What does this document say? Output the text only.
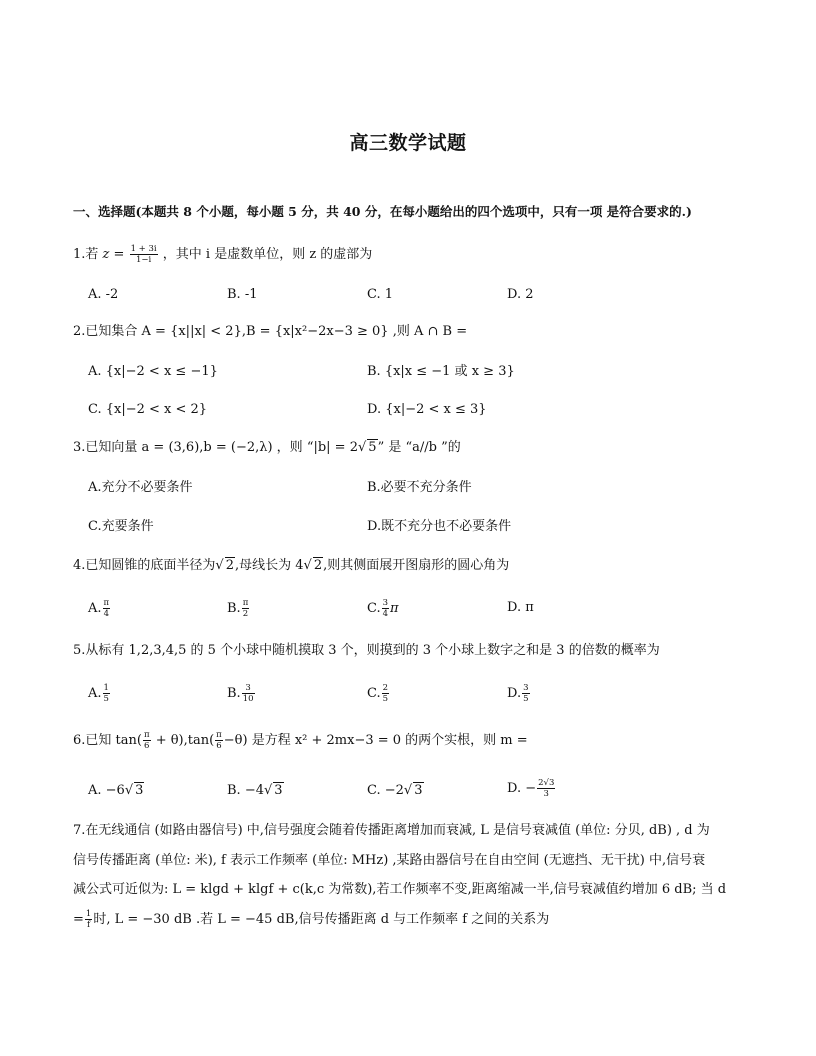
高三数学试题
一、选择题(本题共 8 个小题，每小题 5 分，共 40 分，在每小题给出的四个选项中，只有一项 是符合要求的.)
1.若 $z = \frac{1 + 3i}{1-i}$ ，其中 i 是虚数单位，则 z 的虚部为
A. -2	B. -1	C. 1	D. 2
2.已知集合 A = {x||x| < 2},B = {x|x²−2x−3 ≥ 0} ,则 A ∩ B =
A. {x|−2 < x ≤ −1}	B. {x|x ≤ −1 或 x ≥ 3}
C. {x|−2 < x < 2}	D. {x|−2 < x ≤ 3}
3.已知向量 a = (3,6),b = (−2,λ) ，则 “|b| = 2√ 5” 是 “a//b ”的
A.充分不必要条件	B.必要不充分条件
C.充要条件	D.既不充分也不必要条件
4.已知圆锥的底面半径为√ 2,母线长为 4√ 2,则其侧面展开图扇形的圆心角为
A. $\frac{\pi}{4}$	B. $\frac{\pi}{2}$	C. $\frac{3}{4}$ π	D. π
5.从标有 1,2,3,4,5 的 5 个小球中随机摸取 3 个，则摸到的 3 个小球上数字之和是 3 的倍数的概率为
A. $\frac{1}{5}$	B. $\frac{3}{10}$	C. $\frac{2}{5}$	D. $\frac{3}{5}$
6.已知 $\tan( \frac{\pi}{6} + \theta),\tan( \frac{\pi}{6} -\theta)$ 是方程 x² + 2mx−3 = 0 的两个实根，则 m =
A. −6√ 3	B. −4√ 3	C. −2√ 3	D. − $\frac{2√3}{3}$
7.在无线通信 (如路由器信号) 中,信号强度会随着传播距离增加而衰减, L 是信号衰减值 (单位: 分贝, dB) , d 为
信号传播距离 (单位: 米), f 表示工作频率 (单位: MHz) ,某路由器信号在自由空间 (无遮挡、无干扰) 中,信号衰
减公式可近似为: L = klgd + klgf + c(k,c 为常数),若工作频率不变,距离缩减一半,信号衰减值约增加 6 dB; 当 d
= $\frac{1}{f}$ 时, L = −30 dB .若 L = −45 dB,信号传播距离 d 与工作频率 f 之间的关系为
